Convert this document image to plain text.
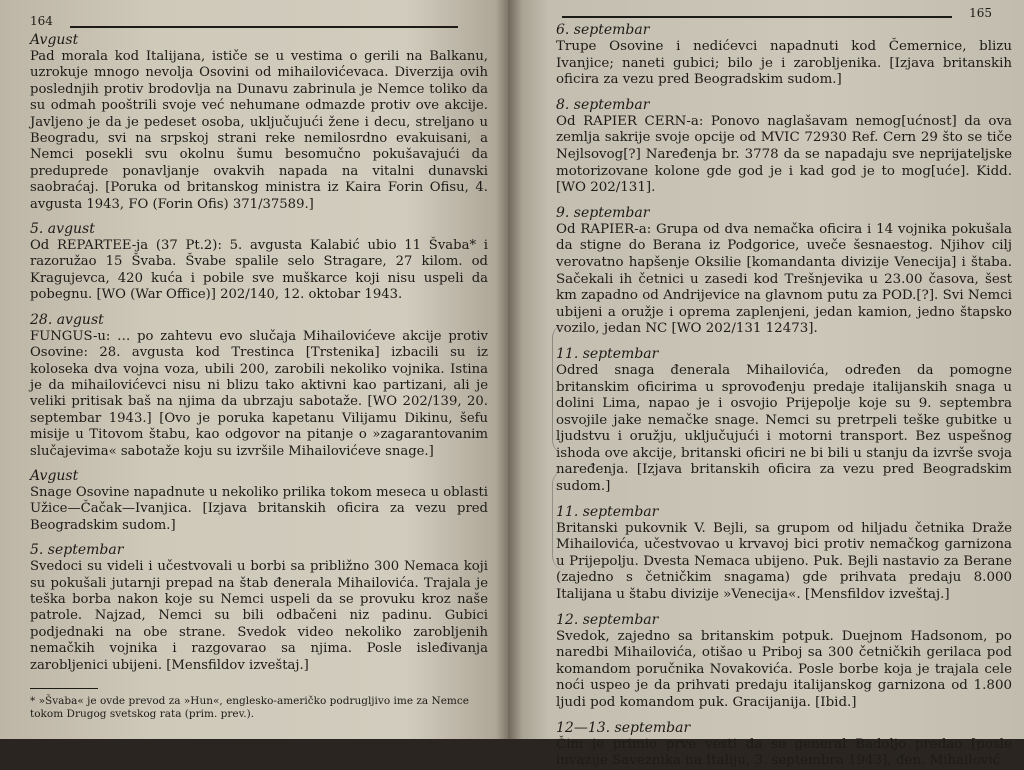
164
Avgust
Pad morala kod Italijana, ističe se u vestima o gerili na Balkanu, uzrokuje mnogo nevolja Osovini od mihailovićevaca. Diverzija ovih poslednjih protiv brodovlja na Dunavu zabrinula je Nemce toliko da su odmah pooštrili svoje već nehumane odmazde protiv ove akcije. Javljeno je da je pedeset osoba, uključujući žene i decu, streljano u Beogradu, svi na srpskoj strani reke nemilosrdno evakuisani, a Nemci posekli svu okolnu šumu besomučno pokušavajući da preduprede ponavljanje ovakvih napada na vitalni dunavski saobraćaj. [Poruka od britanskog ministra iz Kaira Forin Ofisu, 4. avgusta 1943, FO (Forin Ofis) 371/37589.]
5. avgust
Od REPARTEE-ja (37 Pt.2): 5. avgusta Kalabić ubio 11 Švaba* i razoružao 15 Švaba. Švabe spalile selo Stragare, 27 kilom. od Kragujevca, 420 kuća i pobile sve muškarce koji nisu uspeli da pobegnu. [WO (War Office)] 202/140, 12. oktobar 1943.
28. avgust
FUNGUS-u: … po zahtevu evo slučaja Mihailovićeve akcije protiv Osovine: 28. avgusta kod Trestinca [Trstenika] izbacili su iz koloseka dva vojna voza, ubili 200, zarobili nekoliko vojnika. Istina je da mihailovićevci nisu ni blizu tako aktivni kao partizani, ali je veliki pritisak baš na njima da ubrzaju sabotaže. [WO 202/139, 20. septembar 1943.] [Ovo je poruka kapetanu Vilijamu Dikinu, šefu misije u Titovom štabu, kao odgovor na pitanje o »zagarantovanim slučajevima« sabotaže koju su izvršile Mihailovićeve snage.]
Avgust
Snage Osovine napadnute u nekoliko prilika tokom meseca u oblasti Užice—Čačak—Ivanjica. [Izjava britanskih oficira za vezu pred Beogradskim sudom.]
5. septembar
Svedoci su videli i učestvovali u borbi sa približno 300 Nemaca koji su pokušali jutarnji prepad na štab đenerala Mihailovića. Trajala je teška borba nakon koje su Nemci uspeli da se provuku kroz naše patrole. Najzad, Nemci su bili odbačeni niz padinu. Gubici podjednaki na obe strane. Svedok video nekoliko zarobljenih nemačkih vojnika i razgovarao sa njima. Posle isleđivanja zarobljenici ubijeni. [Mensfildov izveštaj.]
* »Švaba« je ovde prevod za »Hun«, englesko-američko podrugljivo ime za Nemce tokom Drugog svetskog rata (prim. prev.).
165
6. septembar
Trupe Osovine i nedićevci napadnuti kod Čemernice, blizu Ivanjice; naneti gubici; bilo je i zarobljenika. [Izjava britanskih oficira za vezu pred Beogradskim sudom.]
8. septembar
Od RAPIER CERN-a: Ponovo naglašavam nemog[ućnost] da ova zemlja sakrije svoje opcije od MVIC 72930 Ref. Cern 29 što se tiče Nejlsovog[?] Naređenja br. 3778 da se napadaju sve neprijateljske motorizovane kolone gde god je i kad god je to mog[uće]. Kidd. [WO 202/131].
9. septembar
Od RAPIER-a: Grupa od dva nemačka oficira i 14 vojnika pokušala da stigne do Berana iz Podgorice, uveče šesnaestog. Njihov cilj verovatno hapšenje Oksilie [komandanta divizije Venecija] i štaba. Sačekali ih četnici u zasedi kod Trešnjevika u 23.00 časova, šest km zapadno od Andrijevice na glavnom putu za POD.[?]. Svi Nemci ubijeni a oružje i oprema zaplenjeni, jedan kamion, jedno štapsko vozilo, jedan NC [WO 202/131 12473].
11. septembar
Odred snaga đenerala Mihailovića, određen da pomogne britanskim oficirima u sprovođenju predaje italijanskih snaga u dolini Lima, napao je i osvojio Prijepolje koje su 9. septembra osvojile jake nemačke snage. Nemci su pretrpeli teške gubitke u ljudstvu i oružju, uključujući i motorni transport. Bez uspešnog ishoda ove akcije, britanski oficiri ne bi bili u stanju da izvrše svoja naređenja. [Izjava britanskih oficira za vezu pred Beogradskim sudom.]
11. septembar
Britanski pukovnik V. Bejli, sa grupom od hiljadu četnika Draže Mihailovića, učestvovao u krvavoj bici protiv nemačkog garnizona u Prijepolju. Dvesta Nemaca ubijeno. Puk. Bejli nastavio za Berane (zajedno s četničkim snagama) gde prihvata predaju 8.000 Italijana u štabu divizije »Venecija«. [Mensfildov izveštaj.]
12. septembar
Svedok, zajedno sa britanskim potpuk. Duejnom Hadsonom, po naredbi Mihailovića, otišao u Priboj sa 300 četničkih gerilaca pod komandom poručnika Novakovića. Posle borbe koja je trajala cele noći uspeo je da prihvati predaju italijanskog garnizona od 1.800 ljudi pod komandom puk. Gracijanija. [Ibid.]
12—13. septembar
Čim je primio prve vesti da se general Badoljo predao [posle invazije Saveznika na Italiju, 3. septembra 1943], đen. Mihailović
